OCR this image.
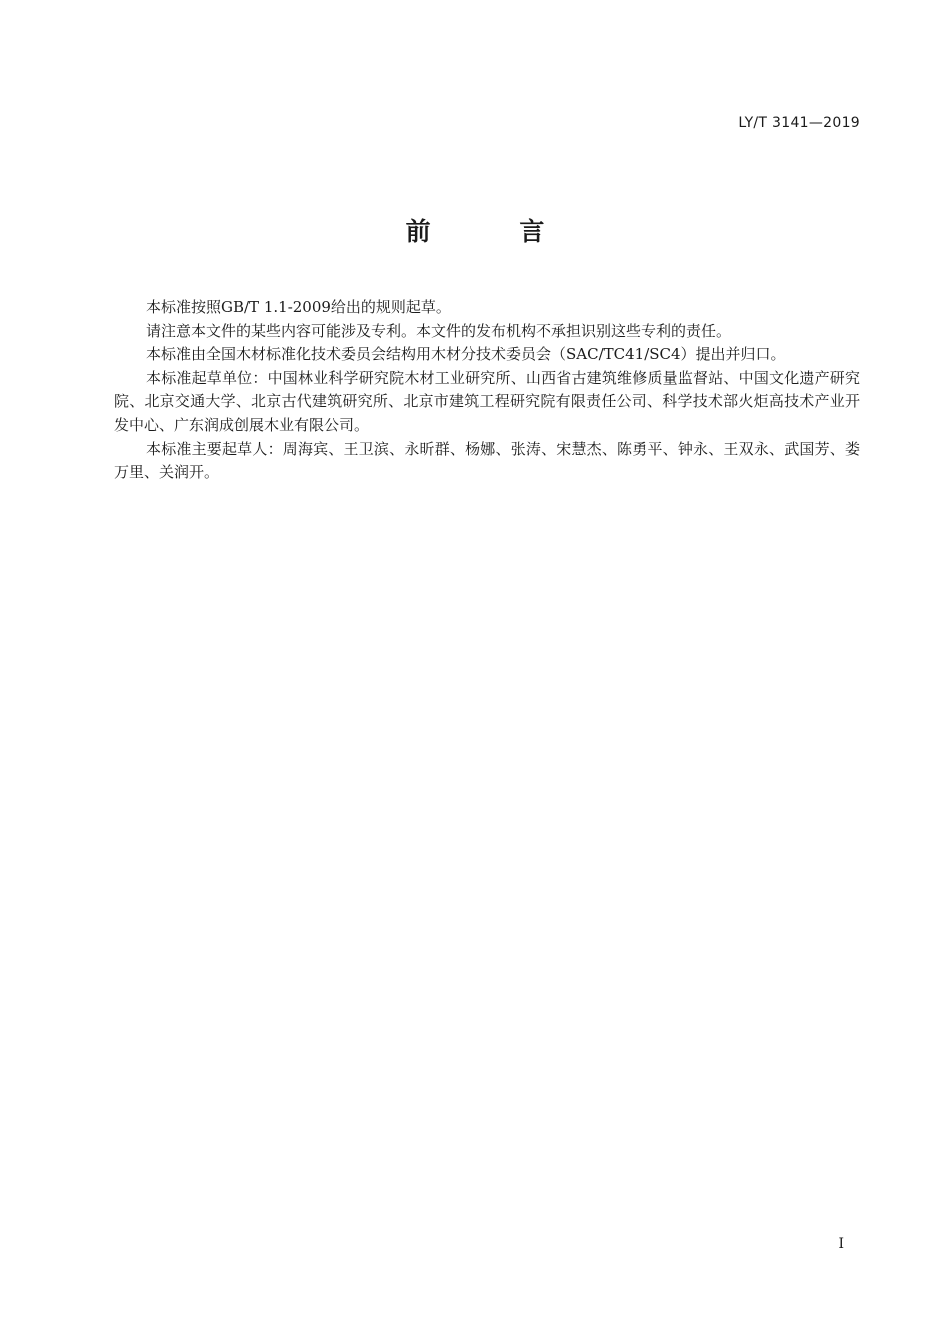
LY/T 3141—2019
前 言

本标准按照GB/T 1.1-2009给出的规则起草。

请注意本文件的某些内容可能涉及专利。本文件的发布机构不承担识别这些专利的责任。

本标准由全国木材标准化技术委员会结构用木材分技术委员会（SAC/TC41/SC4）提出并归口。

本标准起草单位：中国林业科学研究院木材工业研究所、山西省古建筑维修质量监督站、中国文化遗产研究院、北京交通大学、北京古代建筑研究所、北京市建筑工程研究院有限责任公司、科学技术部火炬高技术产业开发中心、广东润成创展木业有限公司。

本标准主要起草人：周海宾、王卫滨、永昕群、杨娜、张涛、宋慧杰、陈勇平、钟永、王双永、武国芳、娄万里、关润开。

I
